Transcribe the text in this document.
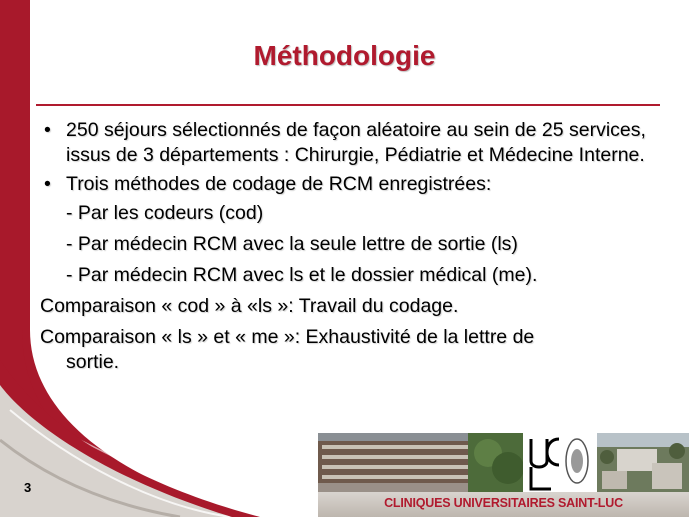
Méthodologie
• 250 séjours sélectionnés de façon aléatoire au sein de 25 services, issus de 3 départements : Chirurgie, Pédiatrie et Médecine Interne.
• Trois méthodes de codage de RCM enregistrées:
- Par les codeurs (cod)
- Par médecin RCM avec la seule lettre de sortie (ls)
- Par médecin RCM avec ls et le dossier médical (me).
Comparaison « cod » à «ls »: Travail du codage.
Comparaison « ls » et « me »: Exhaustivité de la lettre de
sortie.
3
CLINIQUES UNIVERSITAIRES SAINT-LUC
